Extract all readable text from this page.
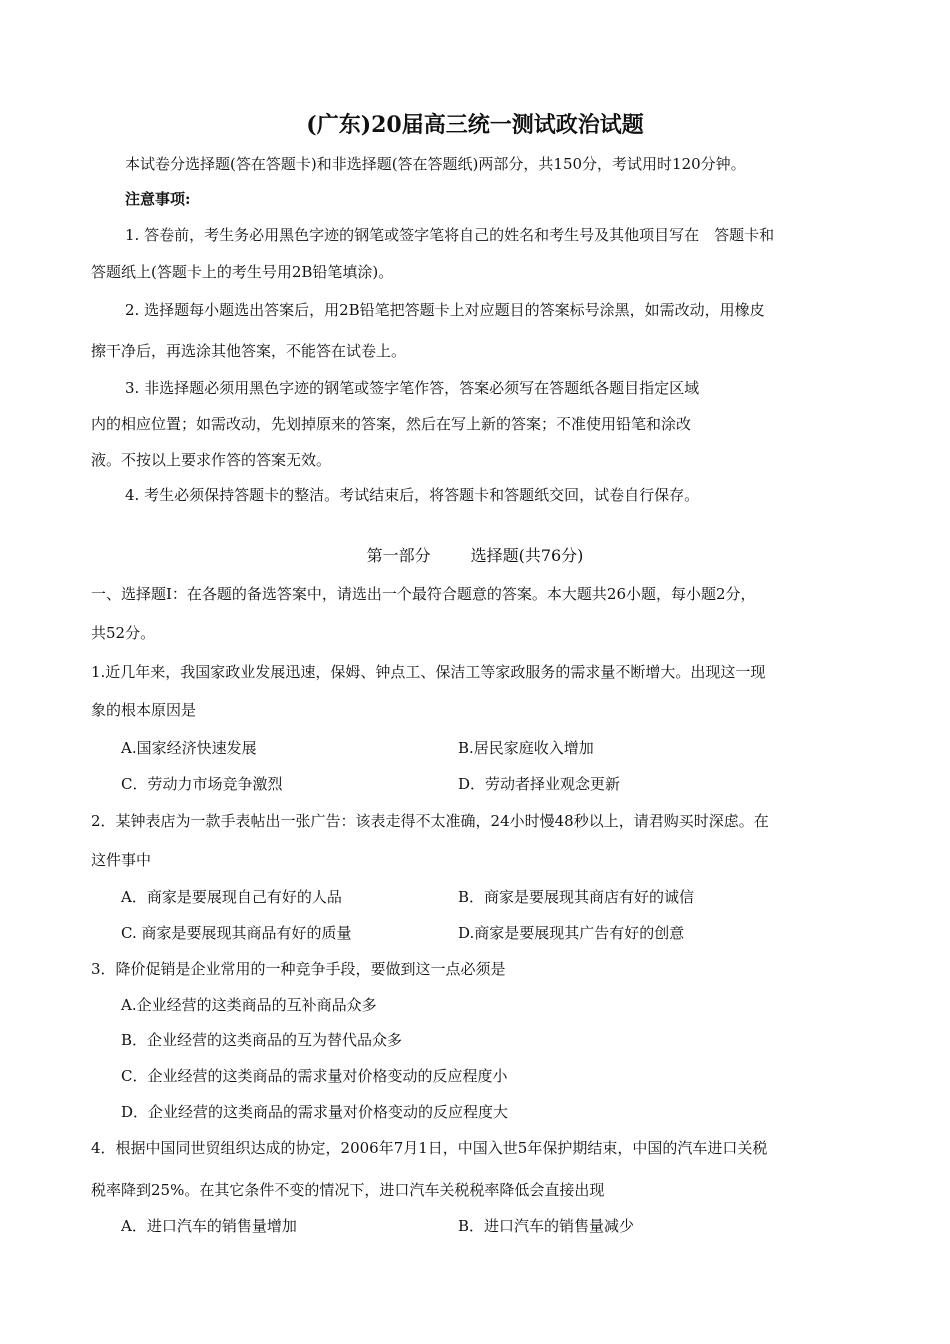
(广东)20届高三统一测试政治试题
本试卷分选择题(答在答题卡)和非选择题(答在答题纸)两部分，共150分，考试用时120分钟。
注意事项:
1. 答卷前，考生务必用黑色字迹的钢笔或签字笔将自己的姓名和考生号及其他项目写在　答题卡和
答题纸上(答题卡上的考生号用2B铅笔填涂)。
2. 选择题每小题选出答案后，用2B铅笔把答题卡上对应题目的答案标号涂黑，如需改动，用橡皮
擦干净后，再选涂其他答案，不能答在试卷上。
3. 非选择题必须用黑色字迹的钢笔或签字笔作答，答案必须写在答题纸各题目指定区域
内的相应位置；如需改动，先划掉原来的答案，然后在写上新的答案；不准使用铅笔和涂改
液。不按以上要求作答的答案无效。
4. 考生必须保持答题卡的整洁。考试结束后，将答题卡和答题纸交回，试卷自行保存。
第一部分	选择题(共76分)
一、选择题Ⅰ：在各题的备选答案中，请选出一个最符合题意的答案。本大题共26小题，每小题2分，
共52分。
1.近几年来，我国家政业发展迅速，保姆、钟点工、保洁工等家政服务的需求量不断增大。出现这一现
象的根本原因是
A.国家经济快速发展	B.居民家庭收入增加
C．劳动力市场竞争激烈	D．劳动者择业观念更新
2．某钟表店为一款手表帖出一张广告：该表走得不太准确，24小时慢48秒以上，请君购买时深虑。在
这件事中
A．商家是要展现自己有好的人品	B．商家是要展现其商店有好的诚信
C. 商家是要展现其商品有好的质量	D.商家是要展现其广告有好的创意
3．降价促销是企业常用的一种竞争手段，要做到这一点必须是
A.企业经营的这类商品的互补商品众多
B．企业经营的这类商品的互为替代品众多
C．企业经营的这类商品的需求量对价格变动的反应程度小
D．企业经营的这类商品的需求量对价格变动的反应程度大
4．根据中国同世贸组织达成的协定，2006年7月1日，中国入世5年保护期结束，中国的汽车进口关税
税率降到25%。在其它条件不变的情况下，进口汽车关税税率降低会直接出现
A．进口汽车的销售量增加	B．进口汽车的销售量减少
